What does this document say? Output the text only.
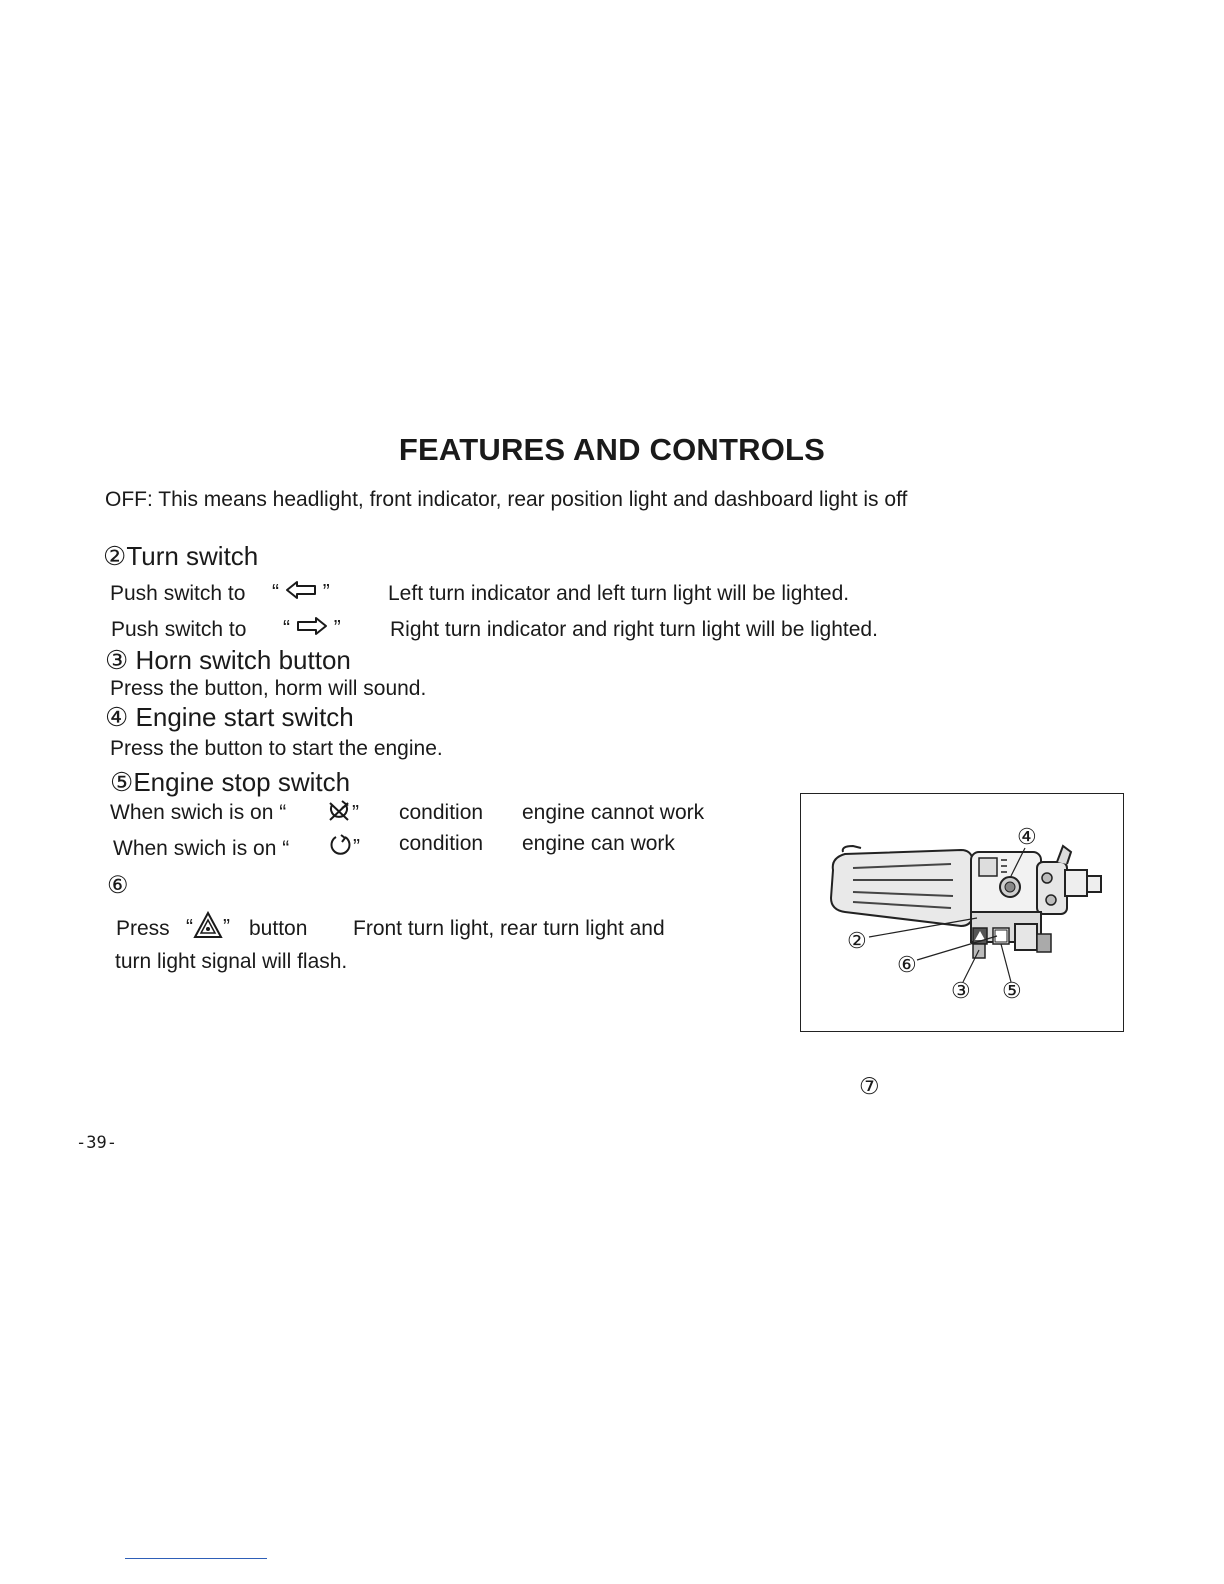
FEATURES AND CONTROLS
OFF: This means headlight, front indicator, rear position light and dashboard light is off
②Turn switch
Push switch to “ ”	Left turn indicator and left turn light will be lighted.
Push switch to “ ” Right turn indicator and right turn light will be lighted.
③ Horn switch button
Press the button, horm will sound.
④ Engine start switch
Press the button to start the engine.
⑤Engine stop switch
When swich is on “	” condition engine cannot work
When swich is on “	” condition engine can work
⑥
Press “ ” button Front turn light, rear turn light and
turn light signal will flash.
④
②
⑥
③ ⑤
⑦
-39-
